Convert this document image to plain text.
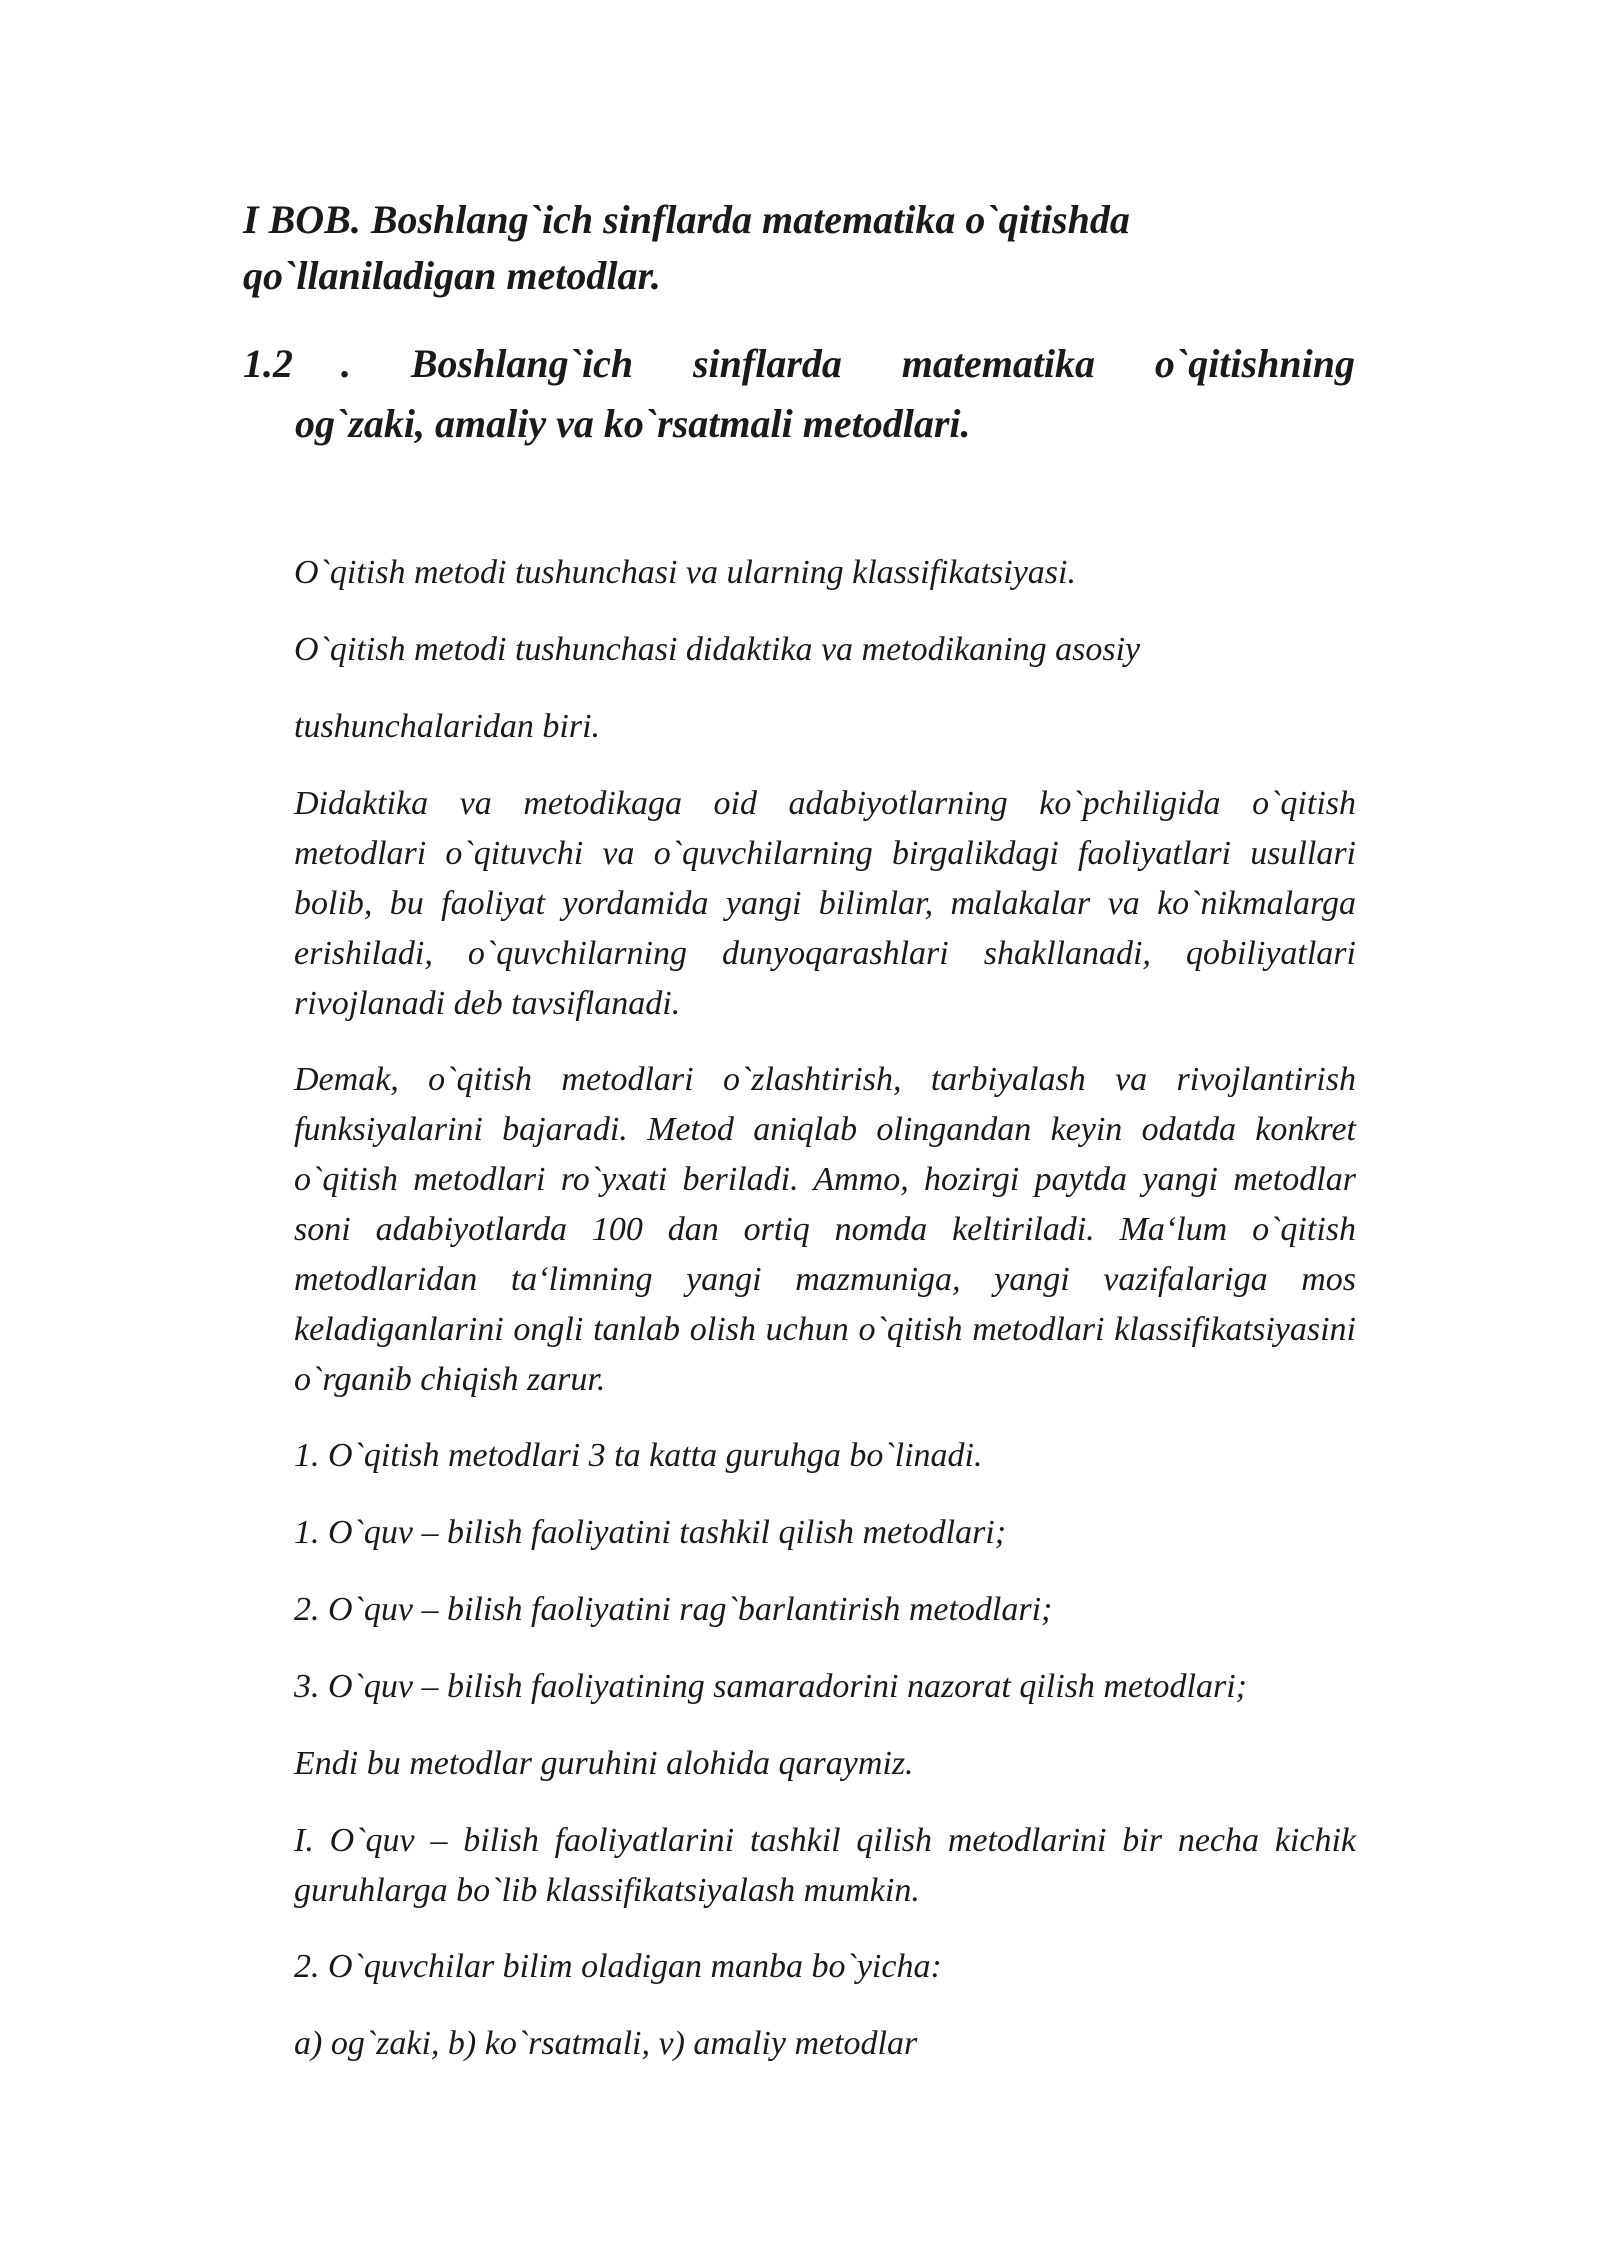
I BOB. Boshlang`ich sinflarda matematika o`qitishda
qo`llaniladigan metodlar.
1.2 . Boshlang`ich sinflarda matematika o`qitishning
og`zaki, amaliy va ko`rsatmali metodlari.

O`qitish metodi tushunchasi va ularning klassifikatsiyasi.

O`qitish metodi tushunchasi didaktika va metodikaning asosiy

tushunchalaridan biri.

Didaktika va metodikaga oid adabiyotlarning ko`pchiligida o`qitish metodlari o`qituvchi va o`quvchilarning birgalikdagi faoliyatlari usullari bolib, bu faoliyat yordamida yangi bilimlar, malakalar va ko`nikmalarga erishiladi, o`quvchilarning dunyoqarashlari shakllanadi, qobiliyatlari rivojlanadi deb tavsiflanadi.

Demak, o`qitish metodlari o`zlashtirish, tarbiyalash va rivojlantirish funksiyalarini bajaradi. Metod aniqlab olingandan keyin odatda konkret o`qitish metodlari ro`yxati beriladi. Ammo, hozirgi paytda yangi metodlar soni adabiyotlarda 100 dan ortiq nomda keltiriladi. Ma‘lum o`qitish metodlaridan ta‘limning yangi mazmuniga, yangi vazifalariga mos keladiganlarini ongli tanlab olish uchun o`qitish metodlari klassifikatsiyasini o`rganib chiqish zarur.

1. O`qitish metodlari 3 ta katta guruhga bo`linadi.

1. O`quv – bilish faoliyatini tashkil qilish metodlari;

2. O`quv – bilish faoliyatini rag`barlantirish metodlari;

3. O`quv – bilish faoliyatining samaradorini nazorat qilish metodlari;

Endi bu metodlar guruhini alohida qaraymiz.

I. O`quv – bilish faoliyatlarini tashkil qilish metodlarini bir necha kichik guruhlarga bo`lib klassifikatsiyalash mumkin.

2. O`quvchilar bilim oladigan manba bo`yicha:

a) og`zaki, b) ko`rsatmali, v) amaliy metodlar
